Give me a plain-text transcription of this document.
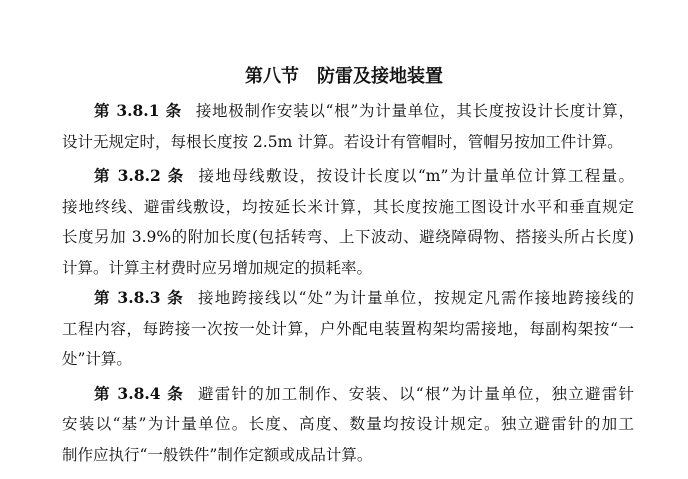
第八节　防雷及接地装置
第 3.8.1 条 接地极制作安装以“根”为计量单位，其长度按设计长度计算，
设计无规定时，每根长度按 2.5m 计算。若设计有管帽时，管帽另按加工件计算。
第 3.8.2 条 接地母线敷设，按设计长度以“m”为计量单位计算工程量。
接地终线、避雷线敷设，均按延长米计算，其长度按施工图设计水平和垂直规定
长度另加 3.9%的附加长度(包括转弯、上下波动、避绕障碍物、搭接头所占长度)
计算。计算主材费时应另增加规定的损耗率。
第 3.8.3 条 接地跨接线以“处”为计量单位，按规定凡需作接地跨接线的
工程内容，每跨接一次按一处计算，户外配电装置构架均需接地，每副构架按“一
处”计算。
第 3.8.4 条 避雷针的加工制作、安装、以“根”为计量单位，独立避雷针
安装以“基”为计量单位。长度、高度、数量均按设计规定。独立避雷针的加工
制作应执行“一般铁件”制作定额或成品计算。
